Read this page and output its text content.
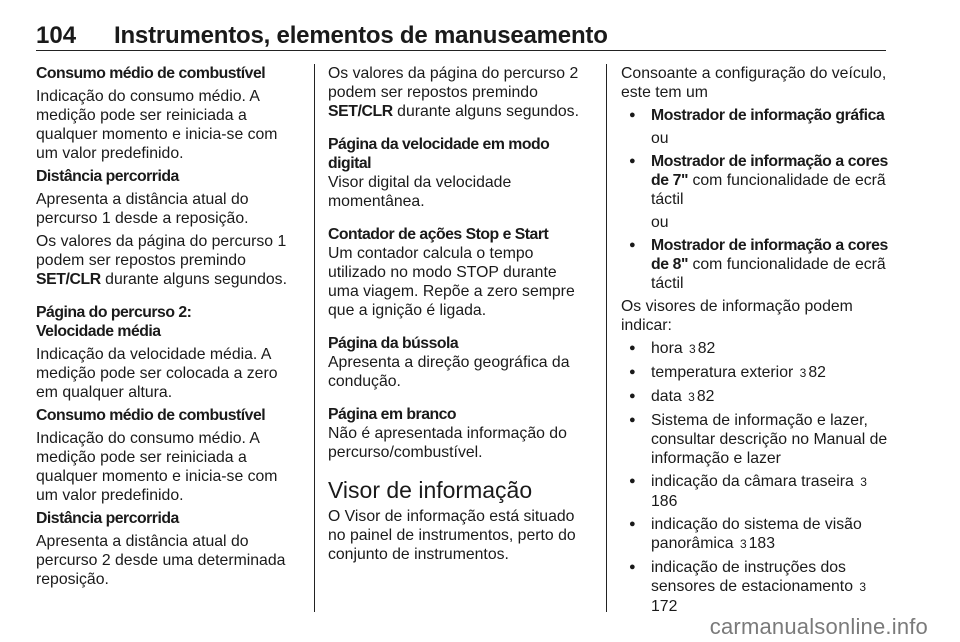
104 Instrumentos, elementos de manuseamento

Consumo médio de combustível

Indicação do consumo médio. A medição pode ser reiniciada a qualquer momento e inicia-se com um valor predefinido.

Distância percorrida

Apresenta a distância atual do percurso 1 desde a reposição.

Os valores da página do percurso 1 podem ser repostos premindo SET/CLR durante alguns segundos.

Página do percurso 2:

Velocidade média

Indicação da velocidade média. A medição pode ser colocada a zero em qualquer altura.

Consumo médio de combustível

Indicação do consumo médio. A medição pode ser reiniciada a qualquer momento e inicia-se com um valor predefinido.

Distância percorrida

Apresenta a distância atual do percurso 2 desde uma determinada reposição.

Os valores da página do percurso 2 podem ser repostos premindo SET/CLR durante alguns segundos.

Página da velocidade em modo digital

Visor digital da velocidade momentânea.

Contador de ações Stop e Start

Um contador calcula o tempo utilizado no modo STOP durante uma viagem. Repõe a zero sempre que a ignição é ligada.

Página da bússola

Apresenta a direção geográfica da condução.

Página em branco

Não é apresentada informação do percurso/combustível.

Visor de informação

O Visor de informação está situado no painel de instrumentos, perto do conjunto de instrumentos.

Consoante a configuração do veículo, este tem um

● Mostrador de informação gráfica

ou

● Mostrador de informação a cores de 7" com funcionalidade de ecrã táctil

ou

● Mostrador de informação a cores de 8" com funcionalidade de ecrã táctil

Os visores de informação podem indicar:

● hora 3 82

● temperatura exterior 3 82

● data 3 82

● Sistema de informação e lazer, consultar descrição no Manual de informação e lazer

● indicação da câmara traseira 3186

● indicação do sistema de visão panorâmica 3 183

● indicação de instruções dos sensores de estacionamento 3172

carmanualsonline.info
